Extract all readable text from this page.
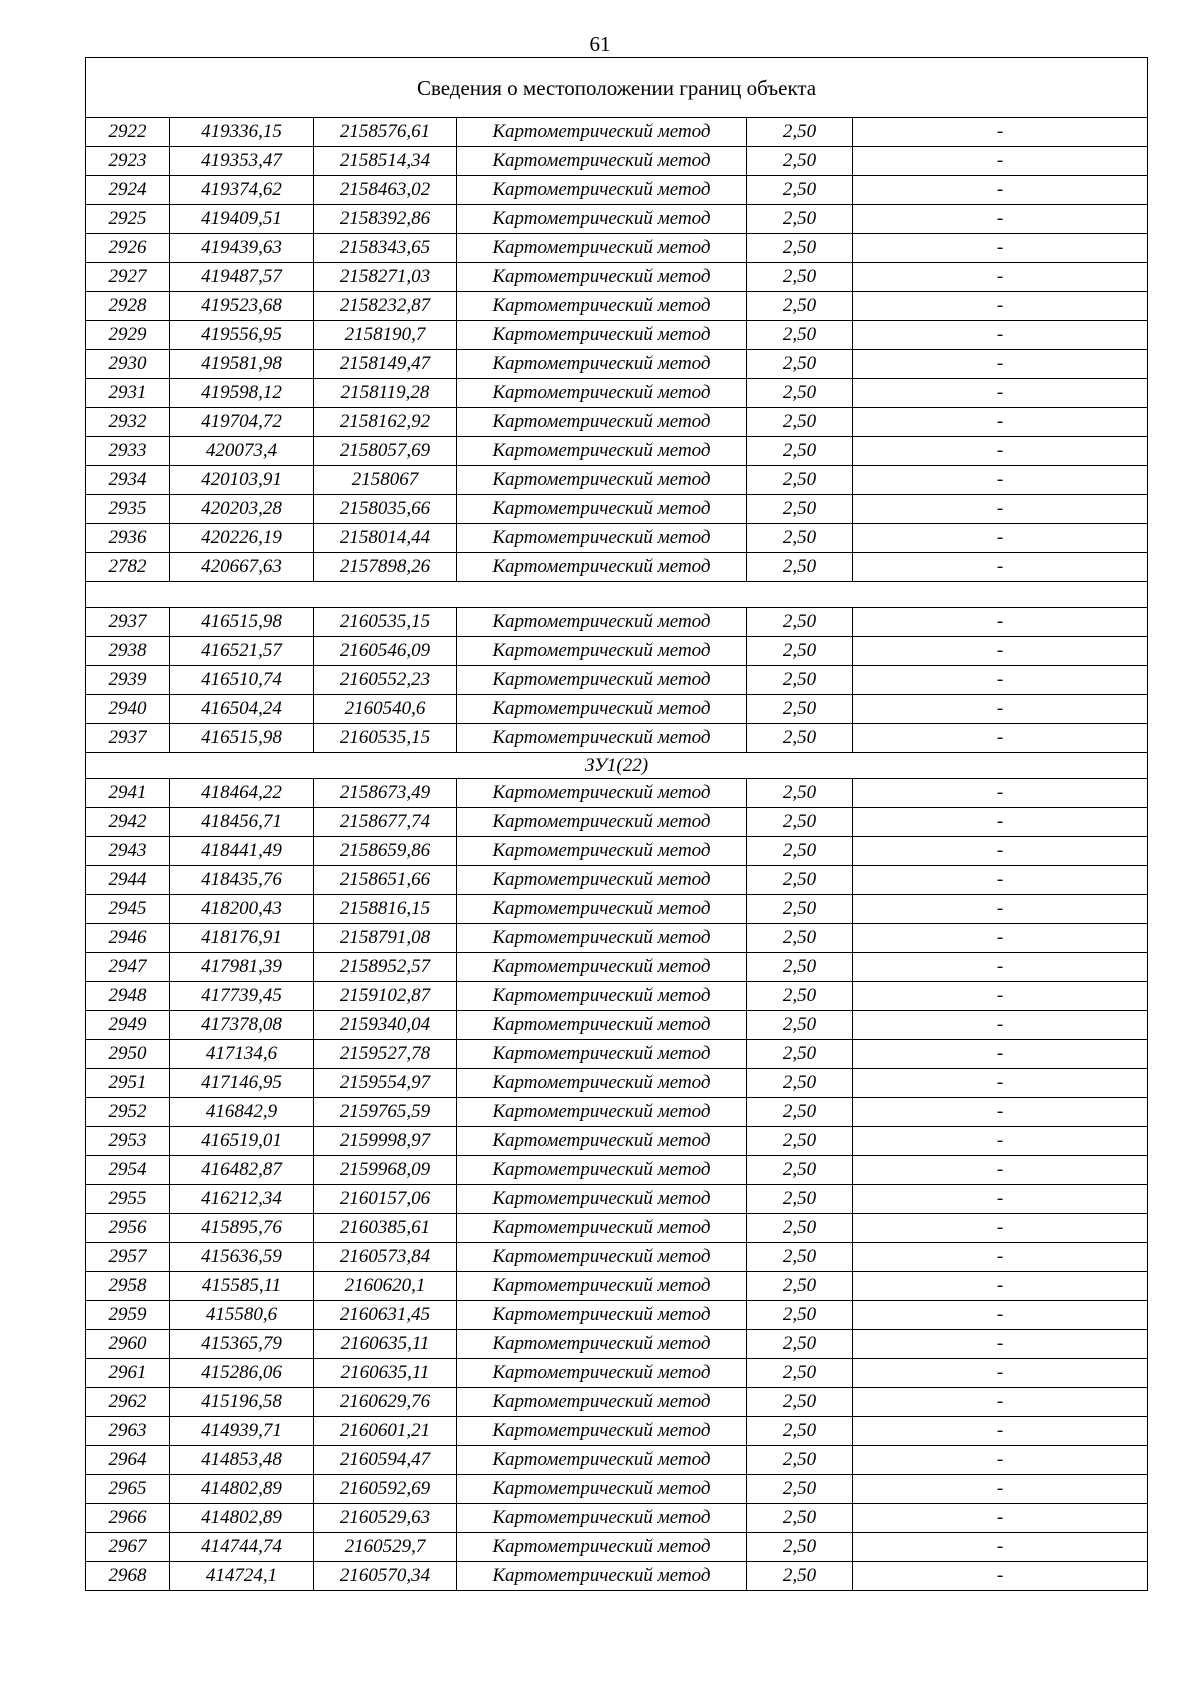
61
Сведения о местоположении границ объекта					
2922	419336,15	2158576,61	Картометрический метод	2,50	-
2923	419353,47	2158514,34	Картометрический метод	2,50	-
2924	419374,62	2158463,02	Картометрический метод	2,50	-
2925	419409,51	2158392,86	Картометрический метод	2,50	-
2926	419439,63	2158343,65	Картометрический метод	2,50	-
2927	419487,57	2158271,03	Картометрический метод	2,50	-
2928	419523,68	2158232,87	Картометрический метод	2,50	-
2929	419556,95	2158190,7	Картометрический метод	2,50	-
2930	419581,98	2158149,47	Картометрический метод	2,50	-
2931	419598,12	2158119,28	Картометрический метод	2,50	-
2932	419704,72	2158162,92	Картометрический метод	2,50	-
2933	420073,4	2158057,69	Картометрический метод	2,50	-
2934	420103,91	2158067	Картометрический метод	2,50	-
2935	420203,28	2158035,66	Картометрический метод	2,50	-
2936	420226,19	2158014,44	Картометрический метод	2,50	-
2782	420667,63	2157898,26	Картометрический метод	2,50	-

2937	416515,98	2160535,15	Картометрический метод	2,50	-
2938	416521,57	2160546,09	Картометрический метод	2,50	-
2939	416510,74	2160552,23	Картометрический метод	2,50	-
2940	416504,24	2160540,6	Картометрический метод	2,50	-
2937	416515,98	2160535,15	Картометрический метод	2,50	-
ЗУ1(22)					
2941	418464,22	2158673,49	Картометрический метод	2,50	-
2942	418456,71	2158677,74	Картометрический метод	2,50	-
2943	418441,49	2158659,86	Картометрический метод	2,50	-
2944	418435,76	2158651,66	Картометрический метод	2,50	-
2945	418200,43	2158816,15	Картометрический метод	2,50	-
2946	418176,91	2158791,08	Картометрический метод	2,50	-
2947	417981,39	2158952,57	Картометрический метод	2,50	-
2948	417739,45	2159102,87	Картометрический метод	2,50	-
2949	417378,08	2159340,04	Картометрический метод	2,50	-
2950	417134,6	2159527,78	Картометрический метод	2,50	-
2951	417146,95	2159554,97	Картометрический метод	2,50	-
2952	416842,9	2159765,59	Картометрический метод	2,50	-
2953	416519,01	2159998,97	Картометрический метод	2,50	-
2954	416482,87	2159968,09	Картометрический метод	2,50	-
2955	416212,34	2160157,06	Картометрический метод	2,50	-
2956	415895,76	2160385,61	Картометрический метод	2,50	-
2957	415636,59	2160573,84	Картометрический метод	2,50	-
2958	415585,11	2160620,1	Картометрический метод	2,50	-
2959	415580,6	2160631,45	Картометрический метод	2,50	-
2960	415365,79	2160635,11	Картометрический метод	2,50	-
2961	415286,06	2160635,11	Картометрический метод	2,50	-
2962	415196,58	2160629,76	Картометрический метод	2,50	-
2963	414939,71	2160601,21	Картометрический метод	2,50	-
2964	414853,48	2160594,47	Картометрический метод	2,50	-
2965	414802,89	2160592,69	Картометрический метод	2,50	-
2966	414802,89	2160529,63	Картометрический метод	2,50	-
2967	414744,74	2160529,7	Картометрический метод	2,50	-
2968	414724,1	2160570,34	Картометрический метод	2,50	-
